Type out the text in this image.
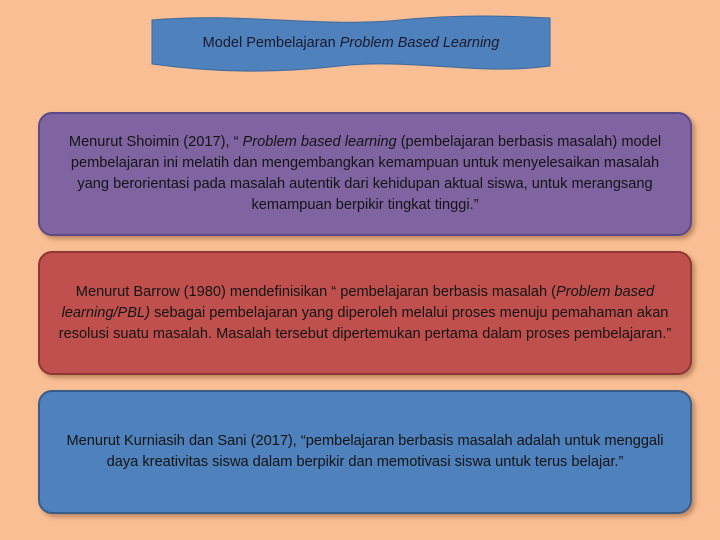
Model Pembelajaran Problem Based Learning
Menurut Shoimin (2017), “ Problem based learning (pembelajaran berbasis masalah) model pembelajaran ini melatih dan mengembangkan kemampuan untuk menyelesaikan masalah yang berorientasi pada masalah autentik dari kehidupan aktual siswa, untuk merangsang kemampuan berpikir tingkat tinggi.”
Menurut Barrow (1980) mendefinisikan “ pembelajaran berbasis masalah (Problem based learning/PBL) sebagai pembelajaran yang diperoleh melalui proses menuju pemahaman akan resolusi suatu masalah. Masalah tersebut dipertemukan pertama dalam proses pembelajaran.”
Menurut Kurniasih dan Sani (2017), “pembelajaran berbasis masalah adalah untuk menggali daya kreativitas siswa dalam berpikir dan memotivasi siswa untuk terus belajar.”
